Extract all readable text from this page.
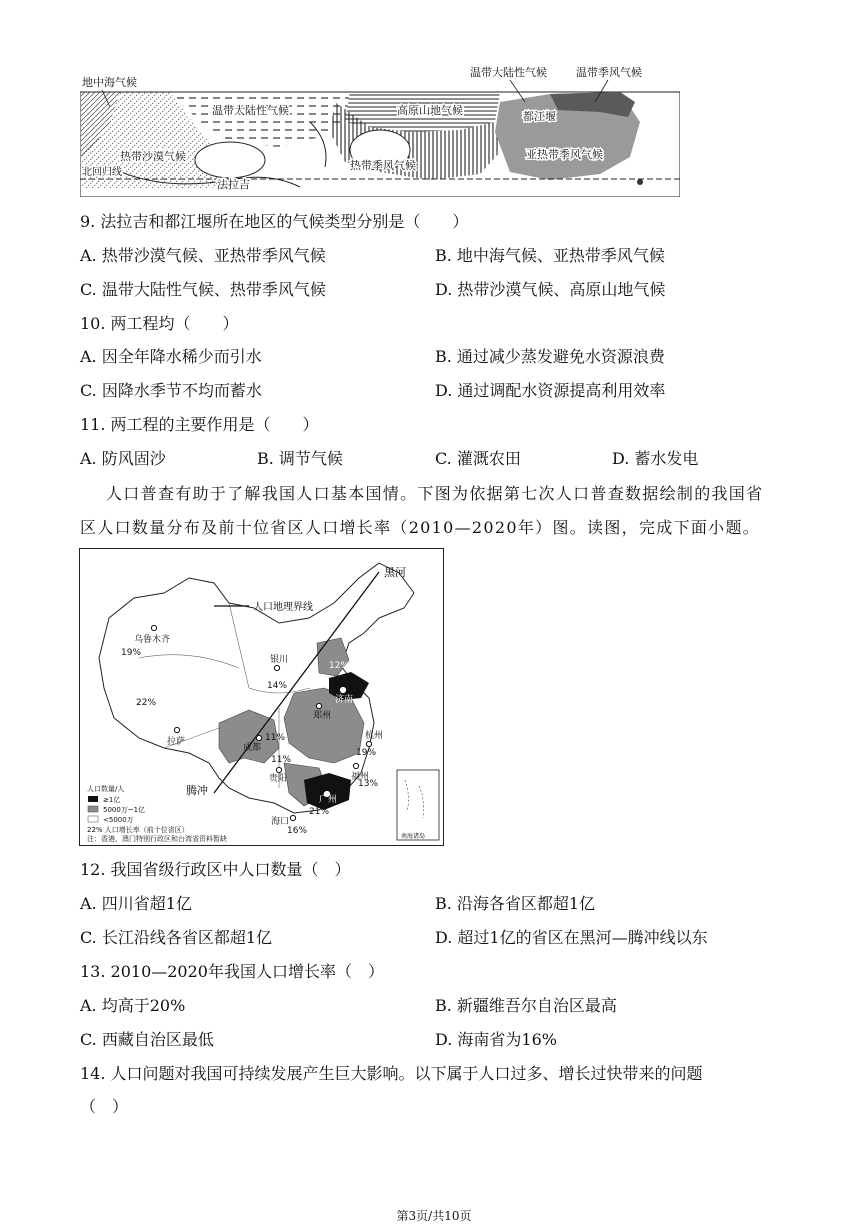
地中海气候
温带大陆性气候	温带季风气候
温带大陆性气候	高原山地气候	都江堰
热带沙漠气候
热带季风气候
亚热带季风气候
北回归线
法拉吉
9. 法拉吉和都江堰所在地区的气候类型分别是（　　）
A. 热带沙漠气候、亚热带季风气候	B. 地中海气候、亚热带季风气候
C. 温带大陆性气候、热带季风气候	D. 热带沙漠气候、高原山地气候
10. 两工程均（　　）
A. 因全年降水稀少而引水	B. 通过减少蒸发避免水资源浪费
C. 因降水季节不均而蓄水	D. 通过调配水资源提高利用效率
11. 两工程的主要作用是（　　）
A. 防风固沙	B. 调节气候	C. 灌溉农田	D. 蓄水发电
人口普查有助于了解我国人口基本国情。下图为依据第七次人口普查数据绘制的我国省
区人口数量分布及前十位省区人口增长率（2010—2020年）图。读图，完成下面小题。
人口地理界线
黑河
腾冲
乌鲁木齐
19%
22%
拉萨
银川
14%
12%
济南
郑州
成都
11%
11%
贵阳
杭州
19%
福州
13%
广州
21%
海口
16%
人口数量/人
≥1亿
5000万~1亿
<5000万
22% 人口增长率（前十位省区）
注：香港、澳门特别行政区和台湾省资料暂缺	南海诸岛
12. 我国省级行政区中人口数量（　）
A. 四川省超1亿	B. 沿海各省区都超1亿
C. 长江沿线各省区都超1亿	D. 超过1亿的省区在黑河—腾冲线以东
13. 2010—2020年我国人口增长率（　）
A. 均高于20%	B. 新疆维吾尔自治区最高
C. 西藏自治区最低	D. 海南省为16%
14. 人口问题对我国可持续发展产生巨大影响。以下属于人口过多、增长过快带来的问题
（　）
第3页/共10页
